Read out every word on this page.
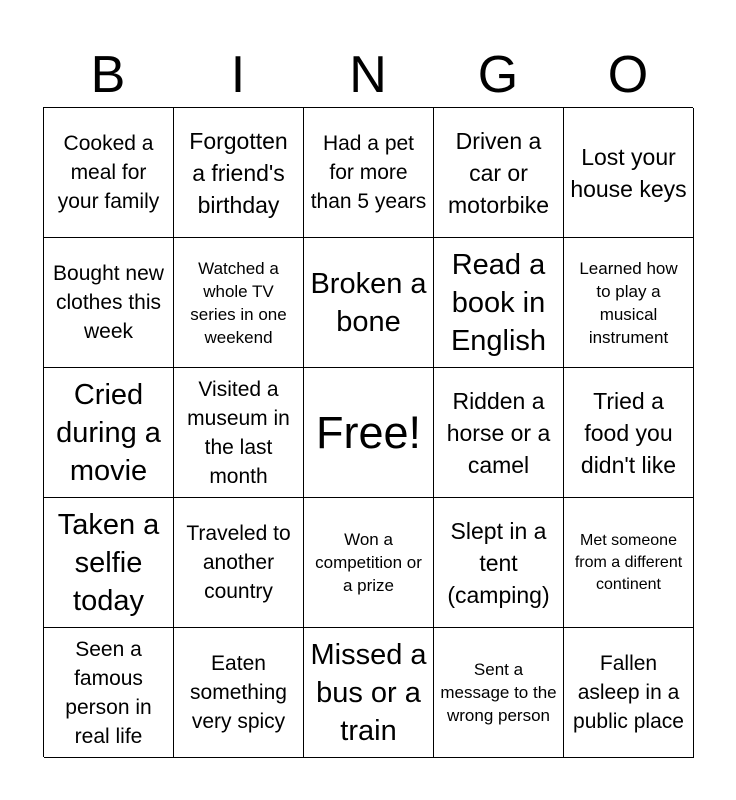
B	I	N	G	O
Cooked a meal for your family
Forgotten a friend's birthday
Had a pet for more than 5 years
Driven a car or motorbike
Lost your house keys
Bought new clothes this week
Watched a whole TV series in one weekend
Broken a bone
Read a book in English
Learned how to play a musical instrument
Cried during a movie
Visited a museum in the last month
Free!
Ridden a horse or a camel
Tried a food you didn't like
Taken a selfie today
Traveled to another country
Won a competition or a prize
Slept in a tent (camping)
Met someone from a different continent
Seen a famous person in real life
Eaten something very spicy
Missed a bus or a train
Sent a message to the wrong person
Fallen asleep in a public place
